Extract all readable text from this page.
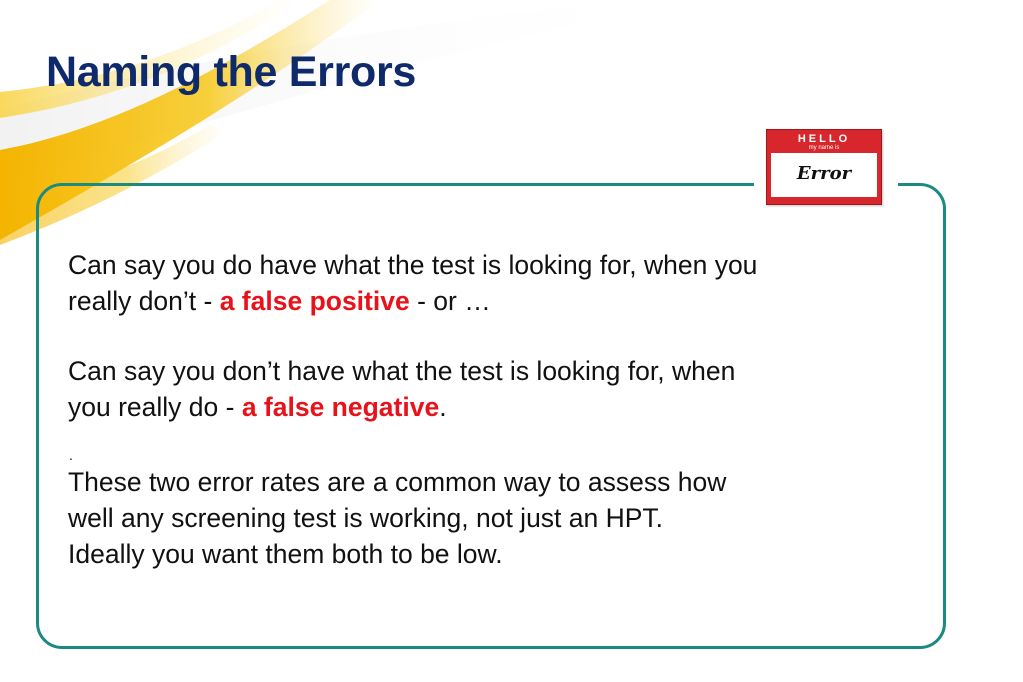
Naming the Errors
HELLO
my name is
Error

Can say you do have what the test is looking for, when you
really don’t - a false positive - or …

Can say you don’t have what the test is looking for, when
you really do - a false negative.

.

These two error rates are a common way to assess how
well any screening test is working, not just an HPT.
Ideally you want them both to be low.
